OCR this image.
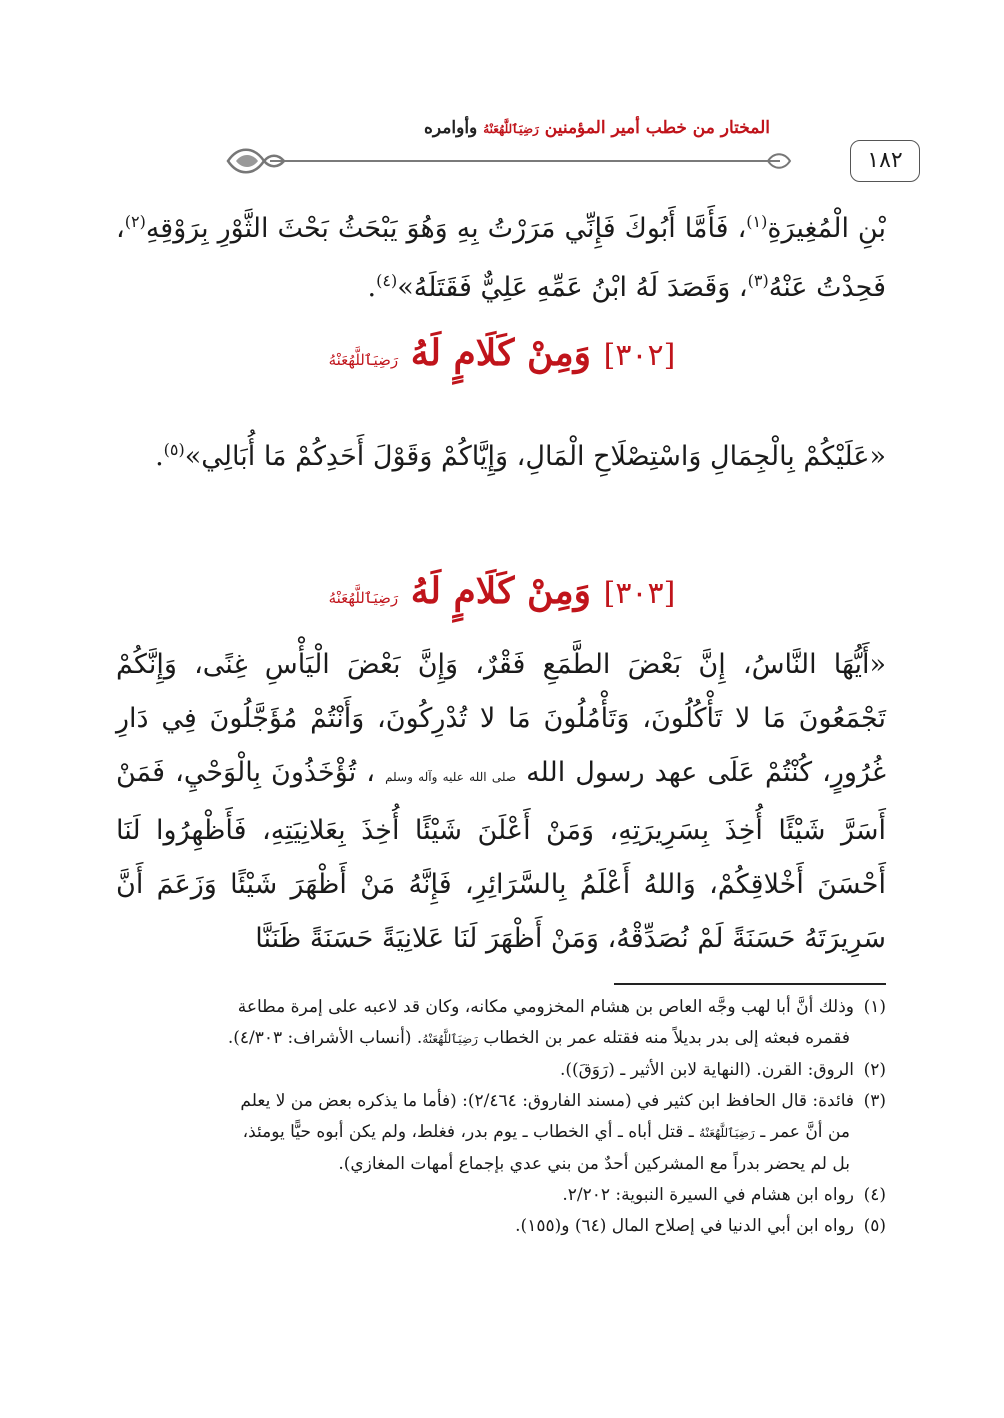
١٨٢
المختار من خطب أمير المؤمنين رَضِيَٱللَّهُعَنْهُ وأوامره
بْنِ الْمُغِيرَةِ$^{(١)}$، فَأَمَّا أَبُوكَ فَإِنِّي مَرَرْتُ بِهِ وَهُوَ يَبْحَثُ بَحْثَ الثَّوْرِ بِرَوْقِهِ$^{(٢)}$، فَحِدْتُ عَنْهُ$^{(٣)}$، وَقَصَدَ لَهُ ابْنُ عَمِّهِ عَلِيٌّ فَقَتَلَهُ»$^{(٤)}$.
[٣٠٢] وَمِنْ كَلَامٍ لَهُ رَضِيَٱللَّهُعَنْهُ
«عَلَيْكُمْ بِالْجِمَالِ وَاسْتِصْلَاحِ الْمَالِ، وَإِيَّاكُمْ وَقَوْلَ أَحَدِكُمْ مَا أُبَالِي»$^{(٥)}$.
[٣٠٣] وَمِنْ كَلَامٍ لَهُ رَضِيَٱللَّهُعَنْهُ
«أَيُّهَا النَّاسُ، إِنَّ بَعْضَ الطَّمَعِ فَقْرٌ، وَإِنَّ بَعْضَ الْيَأْسِ غِنًى، وَإِنَّكُمْ تَجْمَعُونَ مَا لا تَأْكُلُونَ، وَتَأْمُلُونَ مَا لا تُدْرِكُونَ، وَأَنْتُمْ مُؤَجَّلُونَ فِي دَارِ غُرُورٍ، كُنْتُمْ عَلَى عهد رسول الله صلى الله عليه وآله وسلم ، تُؤْخَذُونَ بِالْوَحْيِ، فَمَنْ أَسَرَّ شَيْئًا أُخِذَ بِسَرِيرَتِهِ، وَمَنْ أَعْلَنَ شَيْئًا أُخِذَ بِعَلانِيَتِهِ، فَأَظْهِرُوا لَنَا أَحْسَنَ أَخْلاقِكُمْ، وَاللهُ أَعْلَمُ بِالسَّرَائِرِ، فَإِنَّهُ مَنْ أَظْهَرَ شَيْئًا وَزَعَمَ أَنَّ سَرِيرَتَهُ حَسَنَةً لَمْ نُصَدِّقْهُ، وَمَنْ أَظْهَرَ لَنَا عَلانِيَةً حَسَنَةً ظَنَنَّا

(١)وذلك أنَّ أبا لهب وجَّه العاص بن هشام المخزومي مكانه، وكان قد لاعبه على إمرة مطاعة
فقمره فبعثه إلى بدر بديلاً منه فقتله عمر بن الخطاب رَضِيَٱللَّهُعَنْهُ. (أنساب الأشراف: ٤/٣٠٣).

(٢)الروق: القرن. (النهاية لابن الأثير ـ (رَوَقَ)).

(٣)فائدة: قال الحافظ ابن كثير في (مسند الفاروق: ٢/٤٦٤): (فأما ما يذكره بعض من لا يعلم
من أنَّ عمر ـ رَضِيَٱللَّهُعَنْهُ ـ قتل أباه ـ أي الخطاب ـ يوم بدر، فغلط، ولم يكن أبوه حيًّا يومئذ،
بل لم يحضر بدراً مع المشركين أحدٌ من بني عدي بإجماع أمهات المغازي).

(٤)رواه ابن هشام في السيرة النبوية: ٢/٢٠٢.

(٥)رواه ابن أبي الدنيا في إصلاح المال (٦٤) و(١٥٥).
